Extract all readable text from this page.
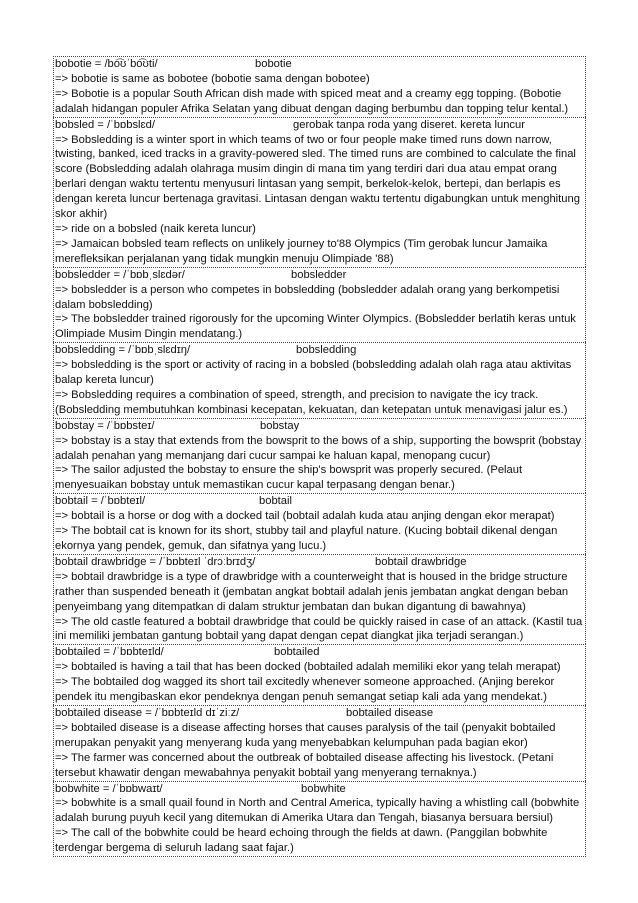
bobotie = /bo͡ʊˈbo͡ʊti/	bobotie
=> bobotie is same as bobotee (bobotie sama dengan bobotee)
=> Bobotie is a popular South African dish made with spiced meat and a creamy egg topping. (Bobotie adalah hidangan populer Afrika Selatan yang dibuat dengan daging berbumbu dan topping telur kental.)
bobsled = /ˈbɒbslɛd/	gerobak tanpa roda yang diseret. kereta luncur
=> Bobsledding is a winter sport in which teams of two or four people make timed runs down narrow, twisting, banked, iced tracks in a gravity-powered sled. The timed runs are combined to calculate the final score (Bobsledding adalah olahraga musim dingin di mana tim yang terdiri dari dua atau empat orang berlari dengan waktu tertentu menyusuri lintasan yang sempit, berkelok-kelok, bertepi, dan berlapis es dengan kereta luncur bertenaga gravitasi. Lintasan dengan waktu tertentu digabungkan untuk menghitung skor akhir)
=> ride on a bobsled (naik kereta luncur)
=> Jamaican bobsled team reflects on unlikely journey to'88 Olympics (Tim gerobak luncur Jamaika merefleksikan perjalanan yang tidak mungkin menuju Olimpiade '88)
bobsledder = /ˈbɒbˌslɛdər/	bobsledder
=> bobsledder is a person who competes in bobsledding (bobsledder adalah orang yang berkompetisi dalam bobsledding)
=> The bobsledder trained rigorously for the upcoming Winter Olympics. (Bobsledder berlatih keras untuk Olimpiade Musim Dingin mendatang.)
bobsledding = /ˈbɒbˌslɛdɪŋ/	bobsledding
=> bobsledding is the sport or activity of racing in a bobsled (bobsledding adalah olah raga atau aktivitas balap kereta luncur)
=> Bobsledding requires a combination of speed, strength, and precision to navigate the icy track. (Bobsledding membutuhkan kombinasi kecepatan, kekuatan, dan ketepatan untuk menavigasi jalur es.)
bobstay = /ˈbɒbsteɪ/	bobstay
=> bobstay is a stay that extends from the bowsprit to the bows of a ship, supporting the bowsprit (bobstay adalah penahan yang memanjang dari cucur sampai ke haluan kapal, menopang cucur)
=> The sailor adjusted the bobstay to ensure the ship's bowsprit was properly secured. (Pelaut menyesuaikan bobstay untuk memastikan cucur kapal terpasang dengan benar.)
bobtail = /ˈbɒbteɪl/	bobtail
=> bobtail is a horse or dog with a docked tail (bobtail adalah kuda atau anjing dengan ekor merapat)
=> The bobtail cat is known for its short, stubby tail and playful nature. (Kucing bobtail dikenal dengan ekornya yang pendek, gemuk, dan sifatnya yang lucu.)
bobtail drawbridge = /ˈbɒbteɪl ˈdrɔːbrɪdʒ/	bobtail drawbridge
=> bobtail drawbridge is a type of drawbridge with a counterweight that is housed in the bridge structure rather than suspended beneath it (jembatan angkat bobtail adalah jenis jembatan angkat dengan beban penyeimbang yang ditempatkan di dalam struktur jembatan dan bukan digantung di bawahnya)
=> The old castle featured a bobtail drawbridge that could be quickly raised in case of an attack. (Kastil tua ini memiliki jembatan gantung bobtail yang dapat dengan cepat diangkat jika terjadi serangan.)
bobtailed = /ˈbɒbteɪld/	bobtailed
=> bobtailed is having a tail that has been docked (bobtailed adalah memiliki ekor yang telah merapat)
=> The bobtailed dog wagged its short tail excitedly whenever someone approached. (Anjing berekor pendek itu mengibaskan ekor pendeknya dengan penuh semangat setiap kali ada yang mendekat.)
bobtailed disease = /ˈbɒbteɪld dɪˈziːz/	bobtailed disease
=> bobtailed disease is a disease affecting horses that causes paralysis of the tail (penyakit bobtailed merupakan penyakit yang menyerang kuda yang menyebabkan kelumpuhan pada bagian ekor)
=> The farmer was concerned about the outbreak of bobtailed disease affecting his livestock. (Petani tersebut khawatir dengan mewabahnya penyakit bobtail yang menyerang ternaknya.)
bobwhite = /ˈbɒbwaɪt/	bobwhite
=> bobwhite is a small quail found in North and Central America, typically having a whistling call (bobwhite adalah burung puyuh kecil yang ditemukan di Amerika Utara dan Tengah, biasanya bersuara bersiul)
=> The call of the bobwhite could be heard echoing through the fields at dawn. (Panggilan bobwhite terdengar bergema di seluruh ladang saat fajar.)
